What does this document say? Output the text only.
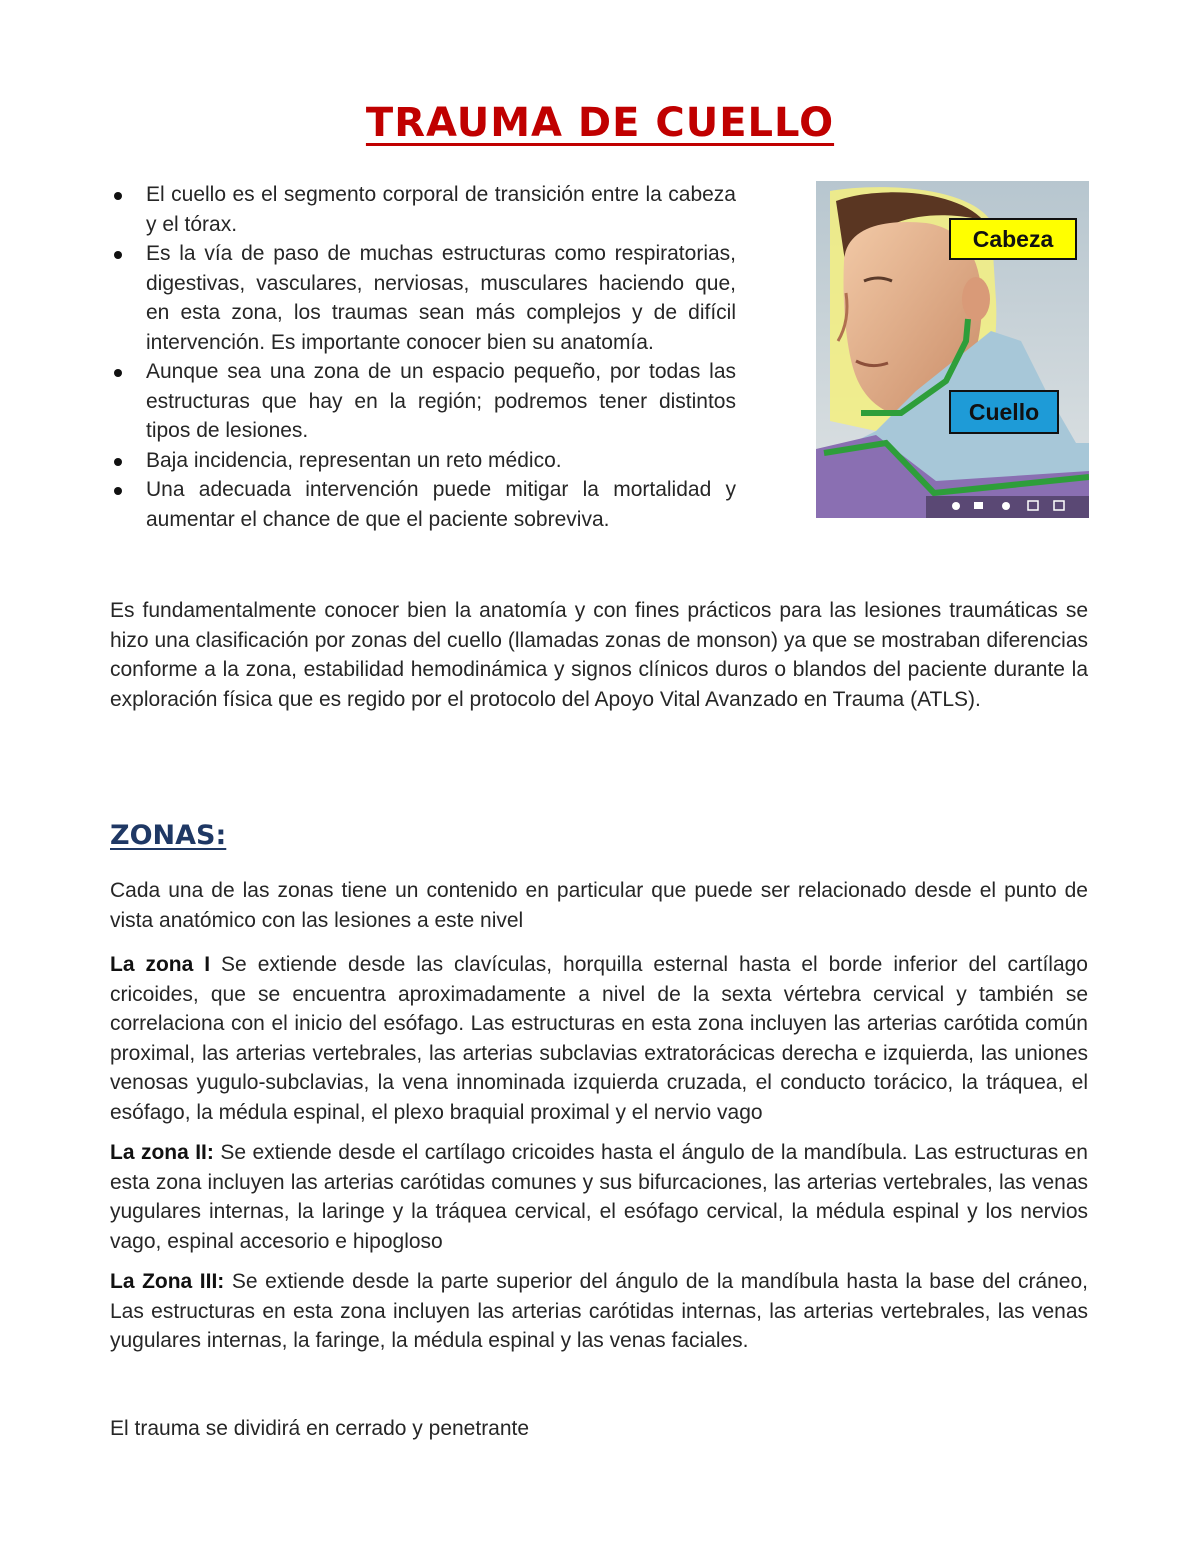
TRAUMA DE CUELLO
El cuello es el segmento corporal de transición entre la cabeza y el tórax.
Es la vía de paso de muchas estructuras como respiratorias, digestivas, vasculares, nerviosas, musculares haciendo que, en esta zona, los traumas sean más complejos y de difícil intervención. Es importante conocer bien su anatomía.
Aunque sea una zona de un espacio pequeño, por todas las estructuras que hay en la región; podremos tener distintos tipos de lesiones.
Baja incidencia, representan un reto médico.
Una adecuada intervención puede mitigar la mortalidad y aumentar el chance de que el paciente sobreviva.
Cabeza
Cuello

Es fundamentalmente conocer bien la anatomía y con fines prácticos para las lesiones traumáticas se hizo una clasificación por zonas del cuello (llamadas zonas de monson) ya que se mostraban diferencias conforme a la zona, estabilidad hemodinámica y signos clínicos duros o blandos del paciente durante la exploración física que es regido por el protocolo del Apoyo Vital Avanzado en Trauma (ATLS).

ZONAS:

Cada una de las zonas tiene un contenido en particular que puede ser relacionado desde el punto de vista anatómico con las lesiones a este nivel

La zona I Se extiende desde las clavículas, horquilla esternal hasta el borde inferior del cartílago cricoides, que se encuentra aproximadamente a nivel de la sexta vértebra cervical y también se correlaciona con el inicio del esófago. Las estructuras en esta zona incluyen las arterias carótida común proximal, las arterias vertebrales, las arterias subclavias extratorácicas derecha e izquierda, las uniones venosas yugulo-subclavias, la vena innominada izquierda cruzada, el conducto torácico, la tráquea, el esófago, la médula espinal, el plexo braquial proximal y el nervio vago

La zona II: Se extiende desde el cartílago cricoides hasta el ángulo de la mandíbula. Las estructuras en esta zona incluyen las arterias carótidas comunes y sus bifurcaciones, las arterias vertebrales, las venas yugulares internas, la laringe y la tráquea cervical, el esófago cervical, la médula espinal y los nervios vago, espinal accesorio e hipogloso

La Zona III: Se extiende desde la parte superior del ángulo de la mandíbula hasta la base del cráneo, Las estructuras en esta zona incluyen las arterias carótidas internas, las arterias vertebrales, las venas yugulares internas, la faringe, la médula espinal y las venas faciales.

El trauma se dividirá en cerrado y penetrante
